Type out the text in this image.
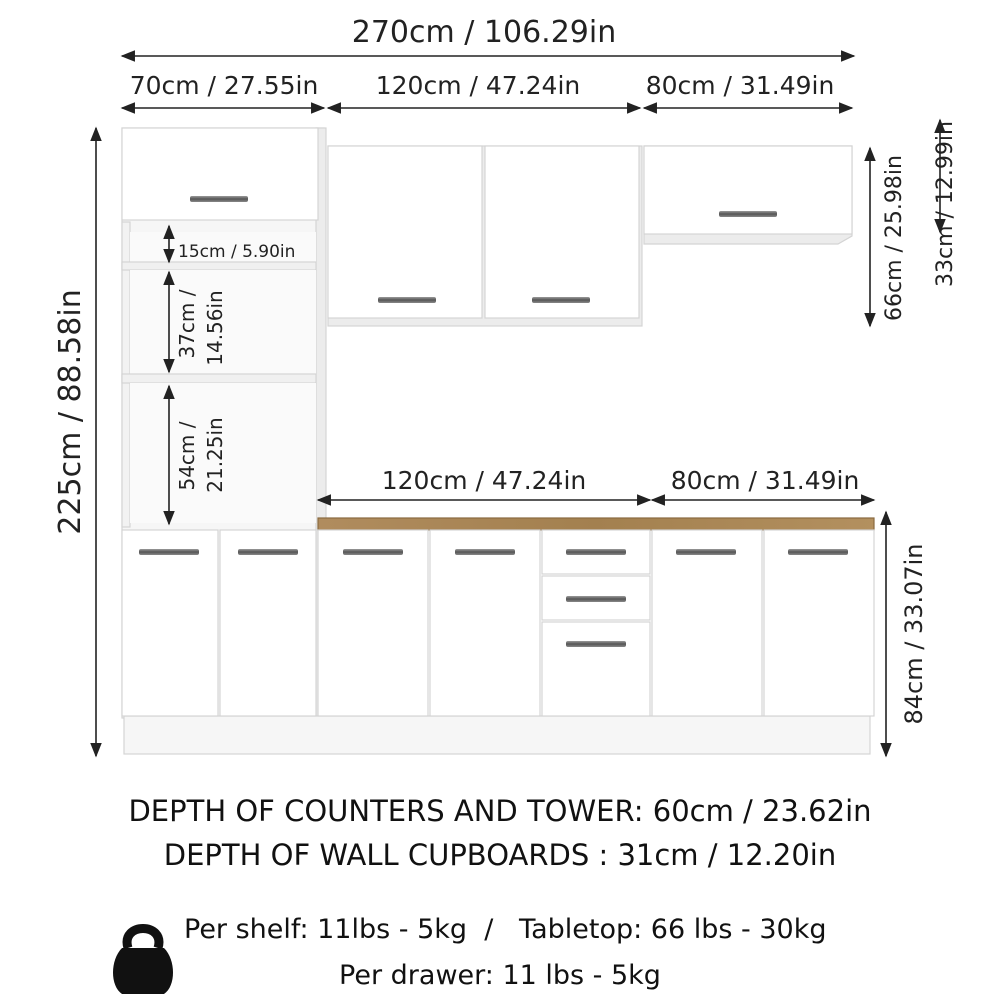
270cm / 106.29in
70cm / 27.55in 120cm / 47.24in	80cm / 31.49in
120cm / 47.24in	80cm / 31.49in
225cm / 88.58in
66cm / 25.98in 33cm / 12.99in
84cm / 33.07in
15cm / 5.90in
37cm / 14.56in
54cm / 21.25in
DEPTH OF COUNTERS AND TOWER: 60cm / 23.62in
DEPTH OF WALL CUPBOARDS : 31cm / 12.20in
Per shelf: 11lbs - 5kg  /   Tabletop: 66 lbs - 30kg
Per drawer: 11 lbs - 5kg
